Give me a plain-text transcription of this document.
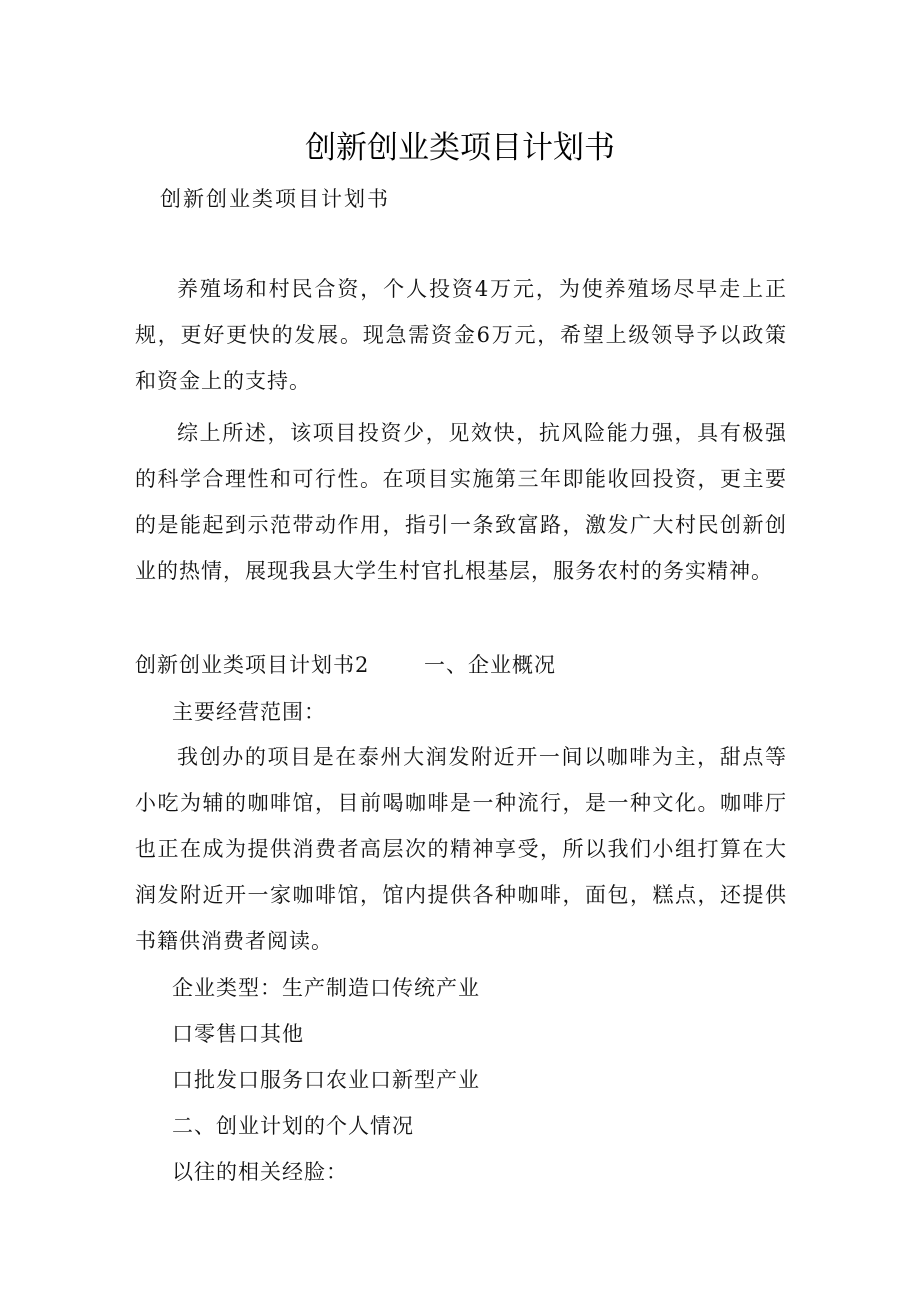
创新创业类项目计划书
创新创业类项目计划书
养殖场和村民合资，个人投资4万元，为使养殖场尽早走上正规，更好更快的发展。现急需资金6万元，希望上级领导予以政策和资金上的支持。
综上所述，该项目投资少，见效快，抗风险能力强，具有极强的科学合理性和可行性。在项目实施第三年即能收回投资，更主要的是能起到示范带动作用，指引一条致富路，激发广大村民创新创业的热情，展现我县大学生村官扎根基层，服务农村的务实精神。
创新创业类项目计划书2	一、企业概况
主要经营范围：
我创办的项目是在泰州大润发附近开一间以咖啡为主，甜点等小吃为辅的咖啡馆，目前喝咖啡是一种流行，是一种文化。咖啡厅也正在成为提供消费者高层次的精神享受，所以我们小组打算在大润发附近开一家咖啡馆，馆内提供各种咖啡，面包，糕点，还提供书籍供消费者阅读。
企业类型：生产制造口传统产业
口零售口其他
口批发口服务口农业口新型产业
二、创业计划的个人情况
以往的相关经脸：
